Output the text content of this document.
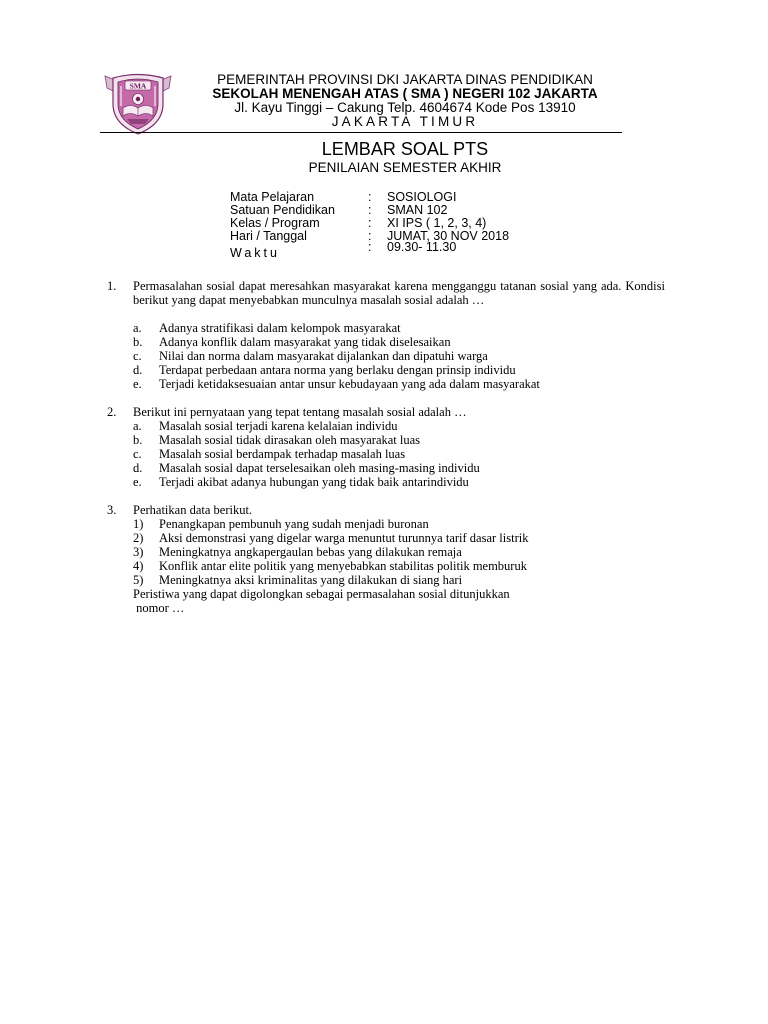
SMA	PEMERINTAH PROVINSI DKI JAKARTA DINAS PENDIDIKAN
SEKOLAH MENENGAH ATAS ( SMA ) NEGERI 102 JAKARTA
Jl. Kayu Tinggi – Cakung Telp. 4604674 Kode Pos 13910
JAKARTA TIMUR
LEMBAR SOAL PTS
PENILAIAN SEMESTER AKHIR
Mata Pelajaran	: SOSIOLOGI
Satuan Pendidikan	: SMAN 102
Kelas / Program	: XI IPS ( 1, 2, 3, 4)
Hari / Tanggal	: JUMAT, 30 NOV 2018
Waktu	: 09.30- 11.30
1. Permasalahan sosial dapat meresahkan masyarakat karena mengganggu tatanan sosial yang ada. Kondisi berikut yang dapat menyebabkan munculnya masalah sosial adalah …
a. Adanya stratifikasi dalam kelompok masyarakat
b. Adanya konflik dalam masyarakat yang tidak diselesaikan
c. Nilai dan norma dalam masyarakat dijalankan dan dipatuhi warga
d. Terdapat perbedaan antara norma yang berlaku dengan prinsip individu
e. Terjadi ketidaksesuaian antar unsur kebudayaan yang ada dalam masyarakat
2. Berikut ini pernyataan yang tepat tentang masalah sosial adalah …
a. Masalah sosial terjadi karena kelalaian individu
b. Masalah sosial tidak dirasakan oleh masyarakat luas
c. Masalah sosial berdampak terhadap masalah luas
d. Masalah sosial dapat terselesaikan oleh masing-masing individu
e. Terjadi akibat adanya hubungan yang tidak baik antarindividu
3. Perhatikan data berikut.
1) Penangkapan pembunuh yang sudah menjadi buronan
2) Aksi demonstrasi yang digelar warga menuntut turunnya tarif dasar listrik
3) Meningkatnya angkapergaulan bebas yang dilakukan remaja
4) Konflik antar elite politik yang menyebabkan stabilitas politik memburuk
5) Meningkatnya aksi kriminalitas yang dilakukan di siang hari
Peristiwa yang dapat digolongkan sebagai permasalahan sosial ditunjukkan
nomor …
